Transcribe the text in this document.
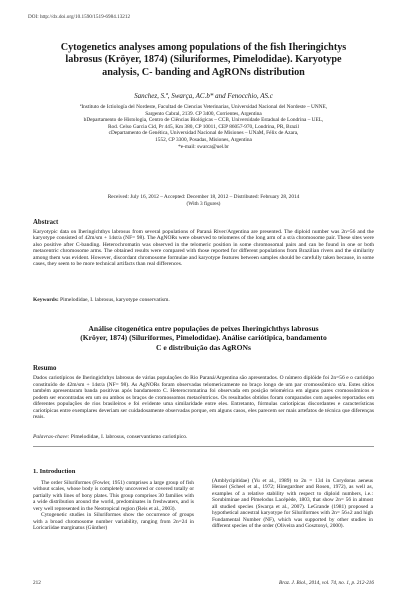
DOI: http://dx.doi.org/10.1590/1519-6984.13212
Cytogenetics analyses among populations of the fish Iheringichtys
labrosus (Kröyer, 1874) (Siluriformes, Pimelodidae). Karyotype
analysis, C- banding and AgRONs distribution
Sanchez, S.ª, Swarça, AC.b* and Fenocchio, AS.c
ªInstituto de Ictiología del Nordeste, Facultad de Ciencias Veterinarias, Universidad Nacional del Nordeste – UNNE,
Sargento Cabral, 2139. CP 3400, Corrientes, Argentina
bDepartamento de Histologia, Centro de Ciências Biológicas – CCB, Universidade Estadual de Londrina – UEL,
Rod. Celso Garcia Cid, Pr 445, Km 380, CP 10011, CEP 86057-970, Londrina, PR, Brazil
cDepartamento de Genética, Universidad Nacional de Misiones – UNaM, Félix de Azara,
1552, CP 3300, Posadas, Misiones, Argentina
*e-mail: swarca@uel.br
Received: July 16, 2012 – Accepted: December 18, 2012 – Distributed: February 28, 2014
(With 3 figures)
Abstract
Karyotypic data on Iheringichthys labrosus from several populations of Paraná River/Argentina are presented. The diploid number was 2n=56 and the karyotype consisted of 42m/sm + 14st/a (NF= 98). The AgNORs were observed to telomeres of the long arm of a st/a chromosome pair. These sites were also positive after C-banding. Heterochromatin was observed in the telomeric position in some chromosomal pairs and can be found in one or both metacentric chromosome arms. The obtained results were compared with those reported for different populations from Brazilian rivers and the similarity among them was evident. However, discordant chromosome formulae and karyotype features between samples should be carefully taken because, in some cases, they seem to be more technical artifacts than real differences.
Keywords: Pimelodidae, I. labrosus, karyotype conservatism.
Análise citogenética entre populações de peixes Iheringichthys labrosus
(Kröyer, 1874) (Siluriformes, Pimelodidae). Análise cariótipica, bandamento
C e distribuição das AgRONs
Resumo
Dados cariotípicos de Iheringichthys labrosus de várias populações do Rio Paraná/Argentina são apresentados. O número diplóide foi 2n=56 e o cariótipo constituído de 42m/sm + 14st/a (NF= 98). As AgNORs foram observadas telomericamente no braço longo de um par cromossômico st/a. Estes sítios também apresentaram banda positivas após bandamento C. Heterocromatina foi observada em posição telomérica em alguns pares cromossômicos e podem ser encontradas em um ou ambos os braços de cromossomos metacêntricos. Os resultados obtidos foram comparados com aqueles reportados em diferentes populações de rios brasileiros e foi evidente uma similaridade entre eles. Entretanto, fórmulas cariotípicas discordantes e características cariotípicas entre exemplares deveriam ser cuidadosamente observadas porque, em alguns casos, eles parecem ser mais artefatos de técnica que diferenças reais.
Palavras-chave: Pimelodidae, I. labrosus, conservantismo cariotipico.
1. Introduction

The order Siluriformes (Fowler, 1951) comprises a large group of fish without scales, whose body is completely uncovered or covered totally or partially with lines of bony plates. This group comprises 30 families with a wide distribution around the world, predominates in freshwaters, and is very well represented in the Neotropical region (Reis et al., 2003).

Cytogenetic studies in Siluriformes show the occurrence of groups with a broad chromosome number variability, ranging from 2n=24 in Loricariidae marginatus (Günther)

(Amblycipitidae) (Yu et al., 1989) to 2n = 134 in Corydoras aeneus Hensel (Scheel et al., 1972; Hinegardner and Rosen, 1972), as well as, examples of a relative stability with respect to diploid numbers, i.e.: Sorubiminae and Pimelodus Lacépède, 1803, that show 2n= 56 in almost all studied species (Swarça et al., 2007). LeGrande (1981) proposed a hypothetical ancestral karyotype for Siluriformes with 2n= 56±2 and high Fundamental Number (NF), which was supported by other studies in different species of the order (Oliveira and Gosztonyi, 2000).

212	Braz. J. Biol., 2014, vol. 74, no. 1, p. 212-216
